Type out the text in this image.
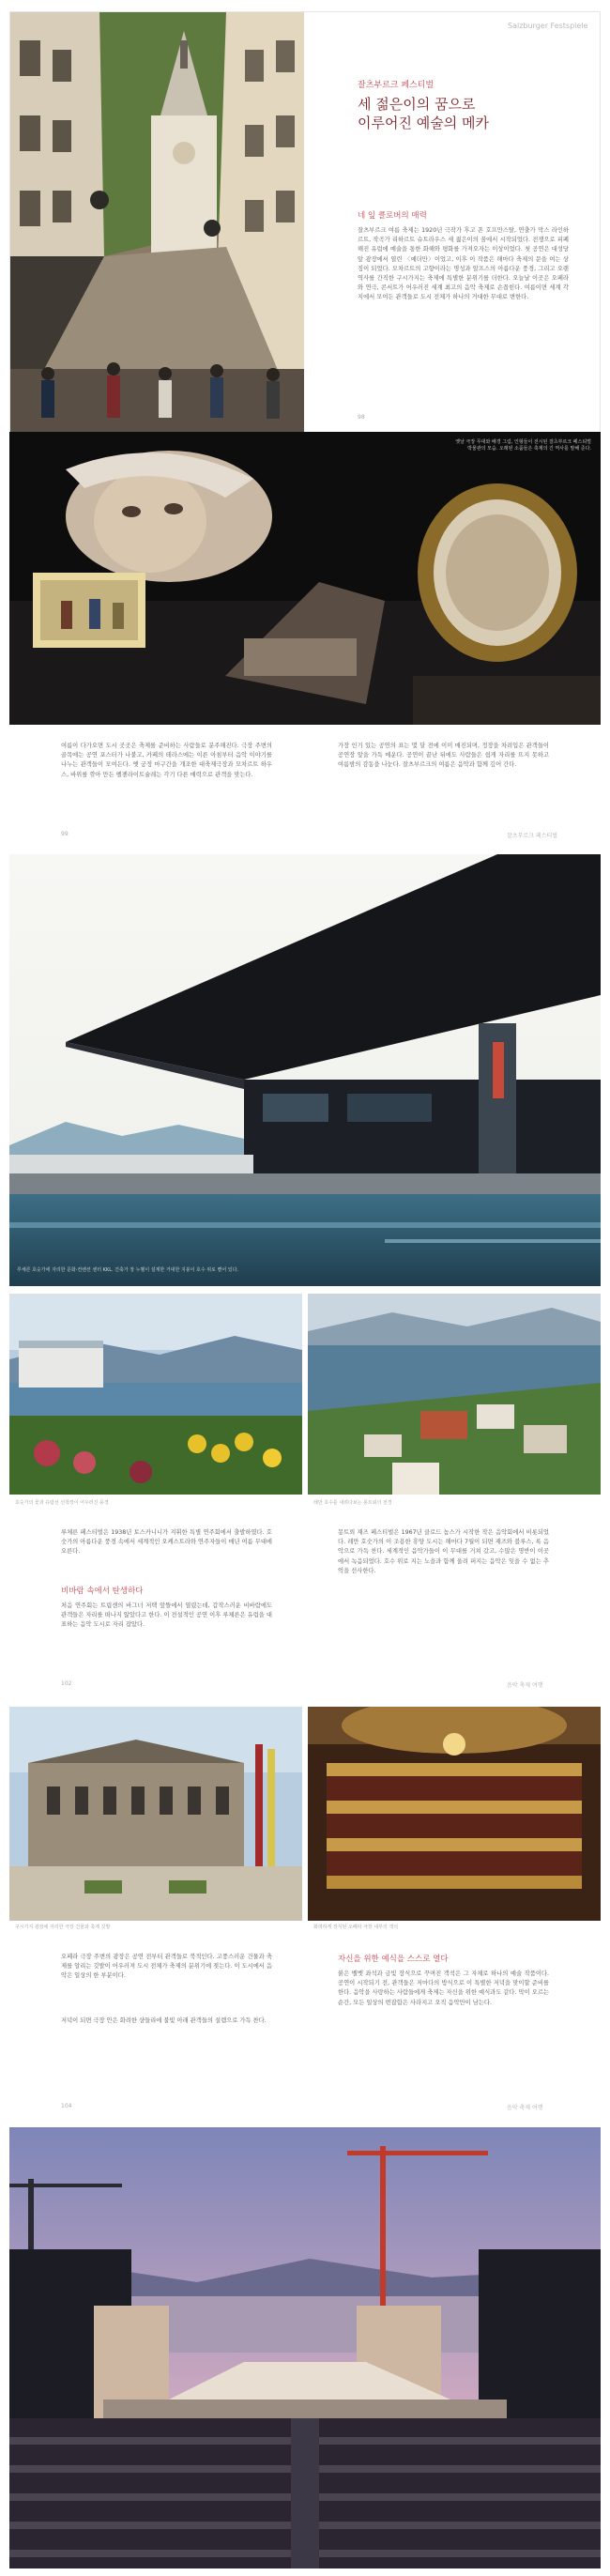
Salzburger Festspiele
잘츠부르크 페스티벌
세 젊은이의 꿈으로
이루어진 예술의 메카
네 잎 클로버의 매력
잘츠부르크 여름 축제는 1920년 극작가 후고 폰 호프만스탈, 연출가 막스 라인하르트, 작곡가 리하르트 슈트라우스 세 젊은이의 꿈에서 시작되었다. 전쟁으로 피폐해진 유럽에 예술을 통한 화해와 평화를 가져오자는 이상이었다. 첫 공연은 대성당 앞 광장에서 열린 〈예더만〉이었고, 이후 이 작품은 해마다 축제의 문을 여는 상징이 되었다. 모차르트의 고향이라는 명성과 알프스의 아름다운 풍경, 그리고 오랜 역사를 간직한 구시가지는 축제에 특별한 분위기를 더한다. 오늘날 이곳은 오페라와 연극, 콘서트가 어우러진 세계 최고의 음악 축제로 손꼽힌다. 여름이면 세계 각지에서 모여든 관객들로 도시 전체가 하나의 거대한 무대로 변한다.
98
옛날 극장 무대와 배경 그림, 인형들이 전시된 잘츠부르크 페스티벌 박물관의 모습. 오래된 소품들은 축제의 긴 역사를 말해 준다.
여름이 다가오면 도시 곳곳은 축제를 준비하는 사람들로 분주해진다. 극장 주변의 골목에는 공연 포스터가 나붙고, 카페의 테라스에는 이른 아침부터 음악 이야기를 나누는 관객들이 모여든다. 옛 궁정 마구간을 개조한 대축제극장과 모차르트 하우스, 바위를 깎아 만든 펠젠라이트슐레는 각기 다른 매력으로 관객을 맞는다.
가장 인기 있는 공연의 표는 몇 달 전에 이미 매진되며, 정장을 차려입은 관객들이 공연장 앞을 가득 메운다. 공연이 끝난 뒤에도 사람들은 쉽게 자리를 뜨지 못하고 여름밤의 감동을 나눈다. 잘츠부르크의 여름은 음악과 함께 깊어 간다.
99	잘츠부르크 페스티벌
루체른 호숫가에 자리한 문화·컨벤션 센터 KKL. 건축가 장 누벨이 설계한 거대한 지붕이 호수 위로 뻗어 있다.
호숫가의 꽃과 유람선 선착장이 어우러진 풍경	레만 호수를 내려다보는 몽트뢰의 전경
루체른 페스티벌은 1938년 토스카니니가 지휘한 특별 연주회에서 출발하였다. 호숫가의 아름다운 풍경 속에서 세계적인 오케스트라와 연주자들이 매년 여름 무대에 오른다.
비바람 속에서 탄생하다
처음 연주회는 트립센의 바그너 저택 앞뜰에서 열렸는데, 갑작스러운 비바람에도 관객들은 자리를 떠나지 않았다고 한다. 이 전설적인 공연 이후 루체른은 유럽을 대표하는 음악 도시로 자리 잡았다.
몽트뢰 재즈 페스티벌은 1967년 클로드 놉스가 시작한 작은 음악회에서 비롯되었다. 레만 호숫가의 이 조용한 휴양 도시는 해마다 7월이 되면 재즈와 블루스, 록 음악으로 가득 찬다. 세계적인 음악가들이 이 무대를 거쳐 갔고, 수많은 명반이 이곳에서 녹음되었다. 호수 위로 지는 노을과 함께 울려 퍼지는 음악은 잊을 수 없는 추억을 선사한다.
102	음악 축제 여행
구시가지 광장에 자리한 극장 건물과 축제 깃발	화려하게 장식된 오페라 극장 내부의 객석
오페라 극장 주변의 광장은 공연 전부터 관객들로 북적인다. 고풍스러운 건물과 축제를 알리는 깃발이 어우러져 도시 전체가 축제의 분위기에 젖는다. 이 도시에서 음악은 일상의 한 부분이다.
저녁이 되면 극장 안은 화려한 샹들리에 불빛 아래 관객들의 설렘으로 가득 찬다.
자신을 위한 예식을 스스로 열다
붉은 벨벳 좌석과 금빛 장식으로 꾸며진 객석은 그 자체로 하나의 예술 작품이다. 공연이 시작되기 전, 관객들은 저마다의 방식으로 이 특별한 저녁을 맞이할 준비를 한다. 음악을 사랑하는 사람들에게 축제는 자신을 위한 예식과도 같다. 막이 오르는 순간, 모든 일상의 번잡함은 사라지고 오직 음악만이 남는다.
104	음악 축제 여행
